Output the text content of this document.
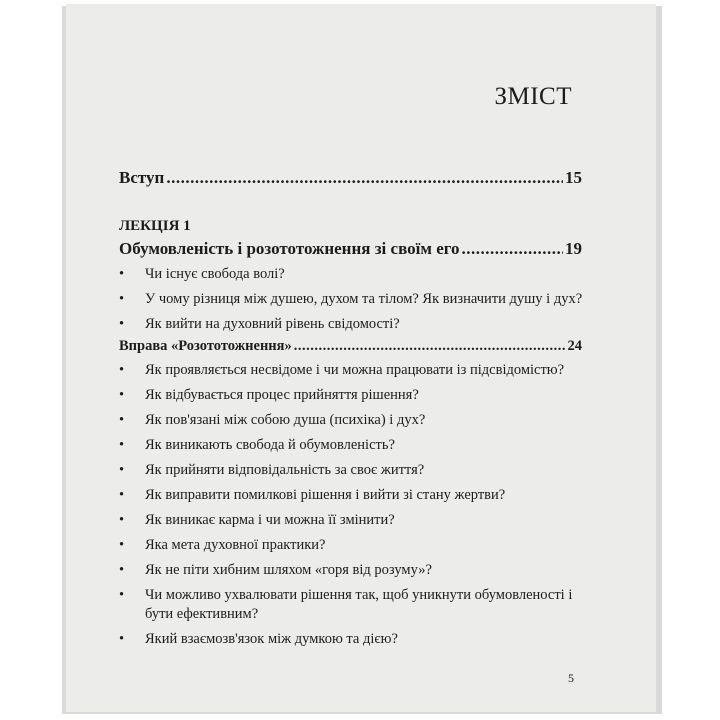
ЗМІСТ
Вступ .....	15
ЛЕКЦІЯ 1
Обумовленість і розототожнення зі своїм его .....	19
•	Чи існує свобода волі?
•	У чому різниця між душею, духом та тілом? Як визначити душу і дух?
•	Як вийти на духовний рівень свідомості?
Вправа «Розототожнення» .....	24
•	Як проявляється несвідоме і чи можна працювати із підсвідомістю?
•	Як відбувається процес прийняття рішення?
•	Як пов'язані між собою душа (психіка) і дух?
•	Як виникають свобода й обумовленість?
•	Як прийняти відповідальність за своє життя?
•	Як виправити помилкові рішення і вийти зі стану жертви?
•	Як виникає карма і чи можна її змінити?
•	Яка мета духовної практики?
•	Як не піти хибним шляхом «горя від розуму»?
•	Чи можливо ухвалювати рішення так, щоб уникнути обумовленості і бути ефективним?
•	Який взаємозв'язок між думкою та дією?
5
